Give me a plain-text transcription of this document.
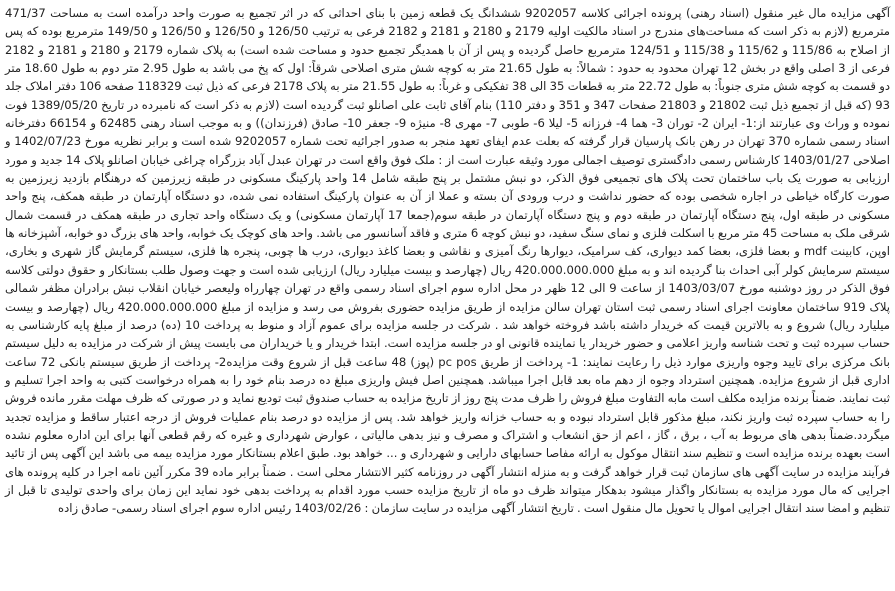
آگهی مزایده مال غیر منقول (اسناد رهنی) پرونده اجرائی کلاسه 9202057 ششدانگ یک قطعه زمین با بنای احداثی که در اثر تجمیع به صورت واحد درآمده است به مساحت 471/37 مترمربع (لازم به ذکر است که مساحت‌های مندرج در اسناد مالکیت اولیه 2179 و 2180 و 2181 و 2182 فرعی به ترتیب 126/50 و 126/50 و 126/50 و 149/50 مترمربع بوده که پس از اصلاح به 115/86 و 115/62 و 115/38 و 124/51 مترمربع حاصل گردیده و پس از آن با همدیگر تجمیع حدود و مساحت شده است) به پلاک شماره 2179 و 2180 و 2181 و 2182 فرعی از 3 اصلی واقع در بخش 12 تهران محدود به حدود : شمالاً: به طول 21.65 متر به کوچه شش متری اصلاحی شرقاً: اول که پخ می باشد به طول 2.95 متر دوم به طول 18.60 متر دو قسمت به کوچه شش متری جنوباً: به طول 22.72 متر به قطعات 35 الی 38 تفکیکی و غرباً: به طول 21.55 متر به پلاک 2178 فرعی که ذیل ثبت 118329 صفحه 106 دفتر املاک جلد 93 (که قبل از تجمیع ذیل ثبت 21802 و 21803 صفحات 347 و 351 و دفتر 110) بنام آقای ثابت علی اصانلو ثبت گردیده است (لازم به ذکر است که نامبرده در تاریخ 1389/05/20 فوت نموده و وراث وی عبارتند از:1- ایران 2- توران 3- هما 4- فرزانه 5- لیلا 6- طوبی 7- مهری 8- منیژه 9- جعفر 10- صادق (فرزندان)) و به موجب اسناد رهنی 62485 و 66154 دفترخانه اسناد رسمی شماره 370 تهران در رهن بانک پارسیان قرار گرفته که بعلت عدم ایفای تعهد منجر به صدور اجرائیه تحت شماره 9202057 شده است و برابر نظریه مورخ 1402/07/23 و اصلاحی 1403/01/27 کارشناس رسمی دادگستری توصیف اجمالی مورد وثیقه عبارت است از : ملک فوق واقع است در تهران عبدل آباد بزرگراه چراغی خیابان اصانلو پلاک 14 جدید و مورد ارزیابی به صورت یک باب ساختمان تحت پلاک های تجمیعی فوق الذکر، دو نبش مشتمل بر پنج طبقه شامل 14 واحد پارکینگ مسکونی در طبقه زیرزمین که درهنگام بازدید زیرزمین به صورت کارگاه خیاطی در اجاره شخصی بوده که حضور نداشت و درب ورودی آن بسته و عملا از آن به عنوان پارکینگ استفاده نمی شده، دو دستگاه آپارتمان در طبقه همکف، پنج واحد مسکونی در طبقه اول، پنج دستگاه آپارتمان در طبقه دوم و پنج دستگاه آپارتمان در طبقه سوم(جمعا 17 آپارتمان مسکونی) و یک دستگاه واحد تجاری در طبقه همکف در قسمت شمال شرقی ملک به مساحت 45 متر مربع با اسکلت فلزی و نمای سنگ سفید، دو نبش کوچه 6 متری و فاقد آسانسور می باشد. واحد های کوچک یک خوابه، واحد های بزرگ دو خوابه، آشپزخانه ها اوپن، کابینت mdf و بعضا فلزی، بعضا کمد دیواری، کف سرامیک، دیوارها رنگ آمیزی و نقاشی و بعضا کاغذ دیواری، درب ها چوبی، پنجره ها فلزی، سیستم گرمایش گاز شهری و بخاری، سیستم سرمایش کولر آبی احداث بنا گردیده اند و به مبلغ 420.000.000.000 ریال (چهارصد و بیست میلیارد ریال) ارزیابی شده است و جهت وصول طلب بستانکار و حقوق دولتی کلاسه فوق الذکر در روز دوشنبه مورخ 1403/03/07 از ساعت 9 الی 12 ظهر در محل اداره سوم اجرای اسناد رسمی واقع در تهران چهارراه ولیعصر خیابان انقلاب نبش برادران مظفر شمالی پلاک 919 ساختمان معاونت اجرای اسناد رسمی ثبت استان تهران سالن مزایده از طریق مزایده حضوری بفروش می رسد و مزایده از مبلغ 420.000.000.000 ریال (چهارصد و بیست میلیارد ریال) شروع و به بالاترین قیمت که خریدار داشته باشد فروخته خواهد شد . شرکت در جلسه مزایده برای عموم آزاد و منوط به پرداخت 10 (ده) درصد از مبلغ پایه کارشناسی به حساب سپرده ثبت و تحت شناسه واریز اعلامی و حضور خریدار یا نماینده قانونی او در جلسه مزایده است. ابتدا خریدار و یا خریداران می بایست پیش از شرکت در مزایده به دلیل سیستم بانک مرکزی برای تایید وجوه واریزی موارد ذیل را رعایت نمایند: 1- پرداخت از طریق pc pos (پوز) 48 ساعت قبل از شروع وقت مزایده2- پرداخت از طریق سیستم بانکی 72 ساعت اداری قبل از شروع مزایده. همچنین استرداد وجوه از دهم ماه بعد قابل اجرا میباشد. همچنین اصل فیش واریزی مبلغ ده درصد بنام خود را به همراه درخواست کتبی به واحد اجرا تسلیم و ثبت نمایند. ضمناً برنده مزایده مکلف است مابه التفاوت مبلغ فروش را ظرف مدت پنج روز از تاریخ مزایده به حساب صندوق ثبت تودیع نماید و در صورتی که ظرف مهلت مقرر مانده فروش را به حساب سپرده ثبت واریز نکند، مبلغ مذکور قابل استرداد نبوده و به حساب خزانه واریز خواهد شد. پس از مزایده دو درصد بنام عملیات فروش از درجه اعتبار ساقط و مزایده تجدید میگردد.ضمناً بدهی های مربوط به آب ، برق ، گاز ، اعم از حق انشعاب و اشتراک و مصرف و نیز بدهی مالیاتی ، عوارض شهرداری و غیره که رقم قطعی آنها برای این اداره معلوم نشده است بعهده برنده مزایده است و تنظیم سند انتقال موکول به ارائه مفاصا حسابهای دارایی و شهرداری و ... خواهد بود. طبق اعلام بستانکار مورد مزایده بیمه می باشد این آگهی پس از تائید فرآیند مزایده در سایت آگهی های سازمان ثبت قرار خواهد گرفت و به منزله انتشار آگهی در روزنامه کثیر الانتشار محلی است . ضمناً برابر ماده 39 مکرر آئین نامه اجرا در کلیه پرونده های اجرایی که مال مورد مزایده به بستانکار واگذار میشود بدهکار میتواند ظرف دو ماه از تاریخ مزایده حسب مورد اقدام به پرداخت بدهی خود نماید این زمان برای واحدی تولیدی تا قبل از تنظیم و امضا سند انتقال اجرایی اموال یا تحویل مال منقول است . تاریخ انتشار آگهی مزایده در سایت سازمان : 1403/02/26 رئیس اداره سوم اجرای اسناد رسمی- صادق زاده
